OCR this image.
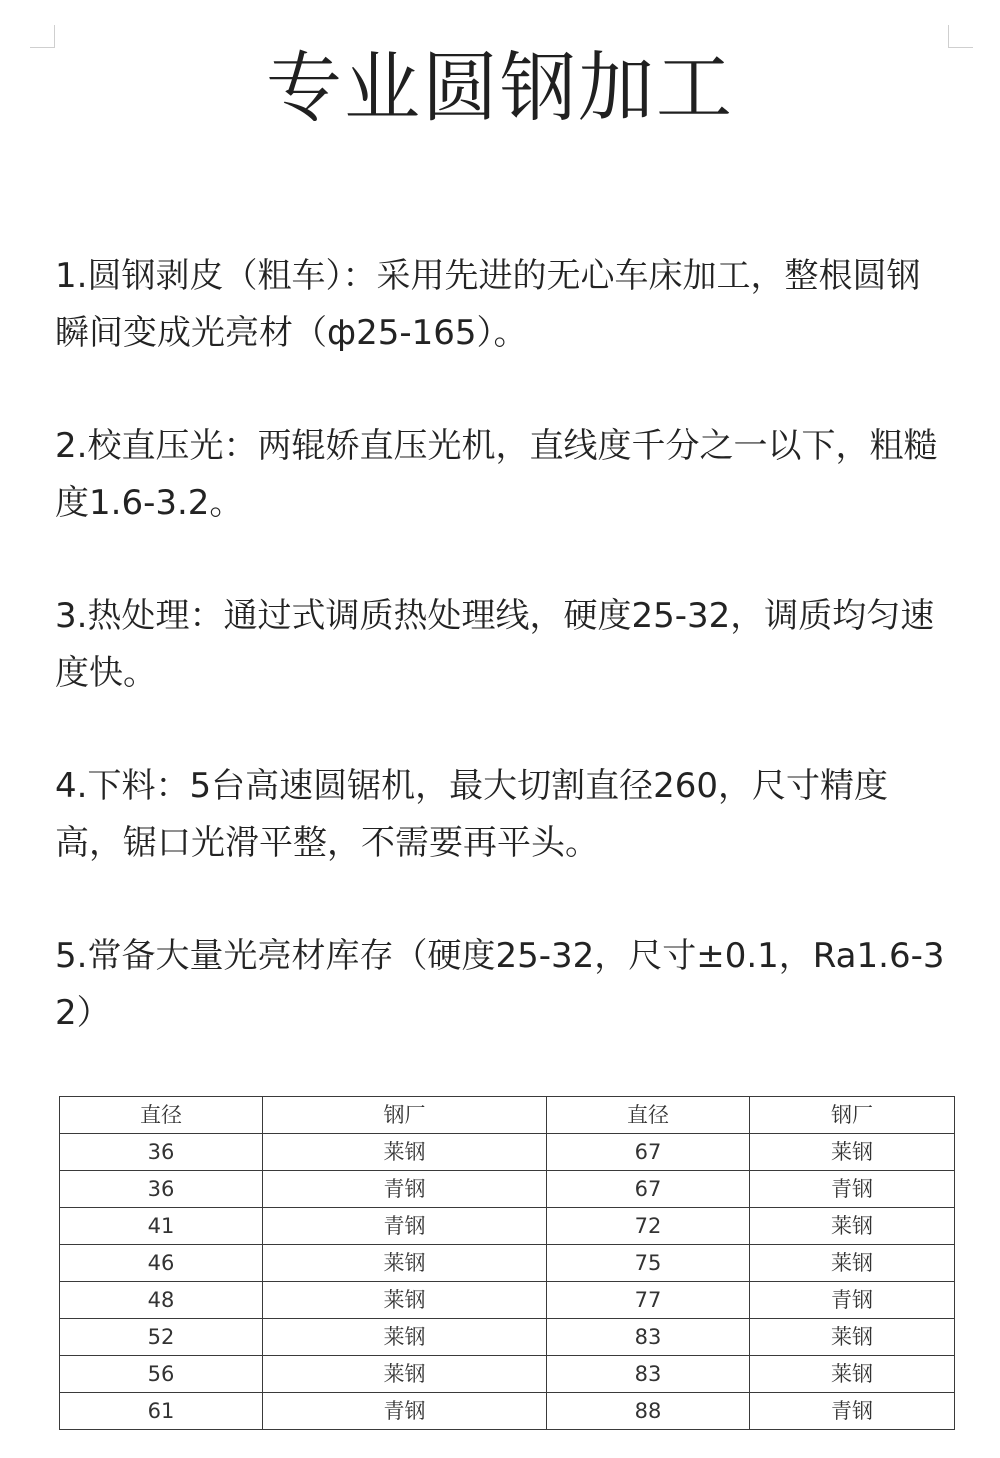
专业圆钢加工

1.圆钢剥皮（粗车）：采用先进的无心车床加工，整根圆钢瞬间变成光亮材（ф25-165）。

2.校直压光：两辊娇直压光机，直线度千分之一以下，粗糙度1.6-3.2。

3.热处理：通过式调质热处理线，硬度25-32，调质均匀速度快。

4.下料：5台高速圆锯机，最大切割直径260，尺寸精度高，锯口光滑平整，不需要再平头。

5.常备大量光亮材库存（硬度25-32，尺寸±0.1，Ra1.6-32）

直径	钢厂	直径	钢厂
36	莱钢	67	莱钢
36	青钢	67	青钢
41	青钢	72	莱钢
46	莱钢	75	莱钢
48	莱钢	77	青钢
52	莱钢	83	莱钢
56	莱钢	83	莱钢
61	青钢	88	青钢
